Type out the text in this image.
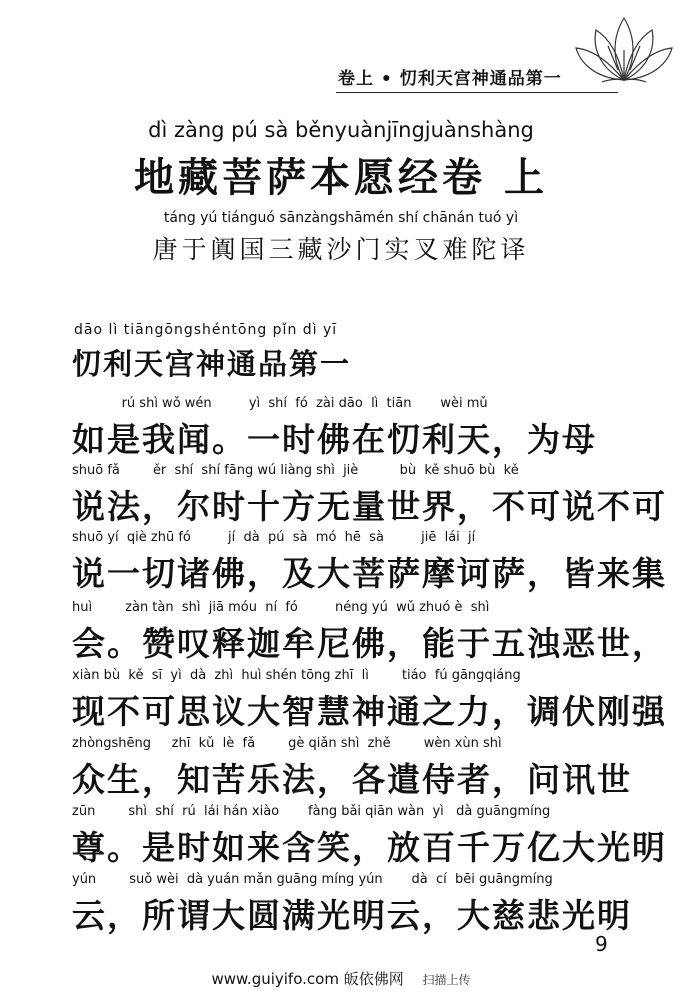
卷上 • 忉利天宫神通品第一
dì zàng pú sà běnyuànjīngjuànshàng
地藏菩萨本愿经卷 上
táng yú tiánguó sānzàngshāmén shí chānán tuó yì
唐于阗国三藏沙门实叉难陀译
dāo lì tiāngōngshéntōng pǐn dì yī
忉利天宫神通品第一
rú shì wǒ wén         yì  shí  fó  zài dāo  lì  tiān       wèi mǔ
如是我闻。一时佛在忉利天，为母
shuō fǎ        ěr  shí  shí fāng wú liàng shì  jiè          bù  kě shuō bù  kě
说法，尔时十方无量世界，不可说不可
shuō yí  qiè zhū fó         jí  dà  pú  sà  mó  hē  sà         jiē  lái  jí
说一切诸佛，及大菩萨摩诃萨，皆来集
huì        zàn tàn  shì  jiā móu  ní  fó         néng yú  wǔ zhuó è  shì
会。赞叹释迦牟尼佛，能于五浊恶世，
xiàn bù  kě  sī  yì  dà  zhì  huì shén tōng zhī  lì        tiáo  fú gāngqiáng
现不可思议大智慧神通之力，调伏刚强
zhòngshēng     zhī  kǔ  lè  fǎ        gè qiǎn shì  zhě        wèn xùn shì
众生，知苦乐法，各遣侍者，问讯世
zūn        shì  shí  rú  lái hán xiào       fàng bǎi qiān wàn  yì   dà guāngmíng
尊。是时如来含笑，放百千万亿大光明
yún        suǒ wèi  dà yuán mǎn guāng míng yún       dà  cí  bēi guāngmíng
云，所谓大圆满光明云，大慈悲光明
9
www.guiyifo.com 皈依佛网 扫描上传
